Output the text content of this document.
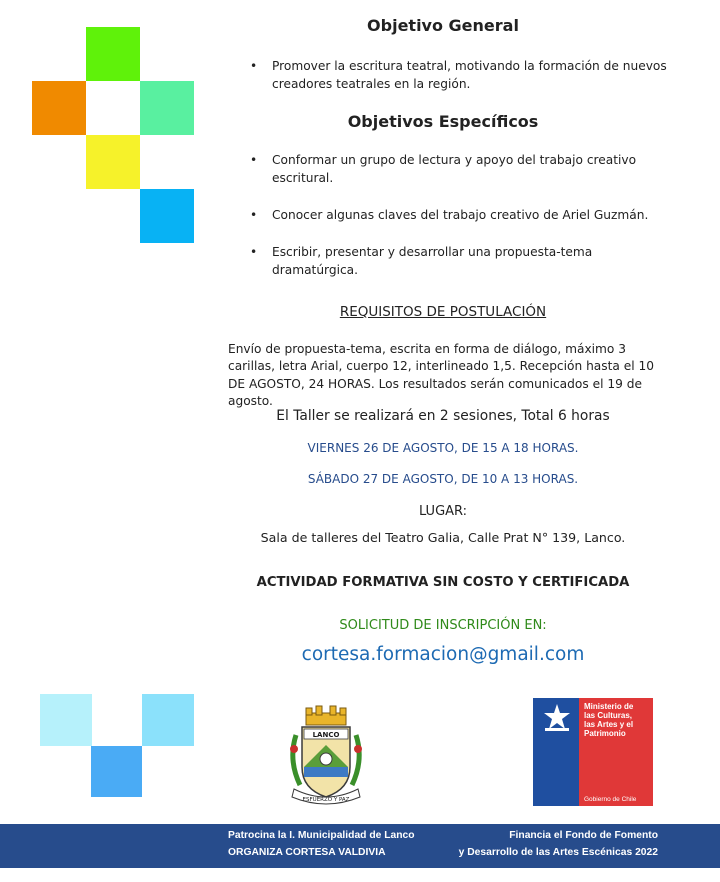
Objetivo General
•	Promover la escritura teatral, motivando la formación de nuevos creadores teatrales en la región.
Objetivos Específicos
•	Conformar un grupo de lectura y apoyo del trabajo creativo escritural.
•	Conocer algunas claves del trabajo creativo de Ariel Guzmán.
•	Escribir, presentar y desarrollar una propuesta-tema dramatúrgica.
REQUISITOS DE POSTULACIÓN
Envío de propuesta-tema, escrita en forma de diálogo, máximo 3 carillas, letra Arial, cuerpo 12, interlineado 1,5. Recepción hasta el 10 DE AGOSTO, 24 HORAS. Los resultados serán comunicados el 19 de agosto.
El Taller se realizará en 2 sesiones, Total 6 horas
VIERNES 26 DE AGOSTO, DE 15 A 18 HORAS.
SÁBADO 27 DE AGOSTO, DE 10 A 13 HORAS.
LUGAR:
Sala de talleres del Teatro Galia, Calle Prat N° 139, Lanco.
ACTIVIDAD FORMATIVA SIN COSTO Y CERTIFICADA
SOLICITUD DE INSCRIPCIÓN EN:
cortesa.formacion@gmail.com
LANCO
ESFUERZO Y PAZ
Ministerio de
las Culturas,
las Artes y el
Patrimonio
Gobierno de Chile
Patrocina la I. Municipalidad de Lanco
ORGANIZA CORTESA VALDIVIA
Financia el Fondo de Fomento
y Desarrollo de las Artes Escénicas 2022
